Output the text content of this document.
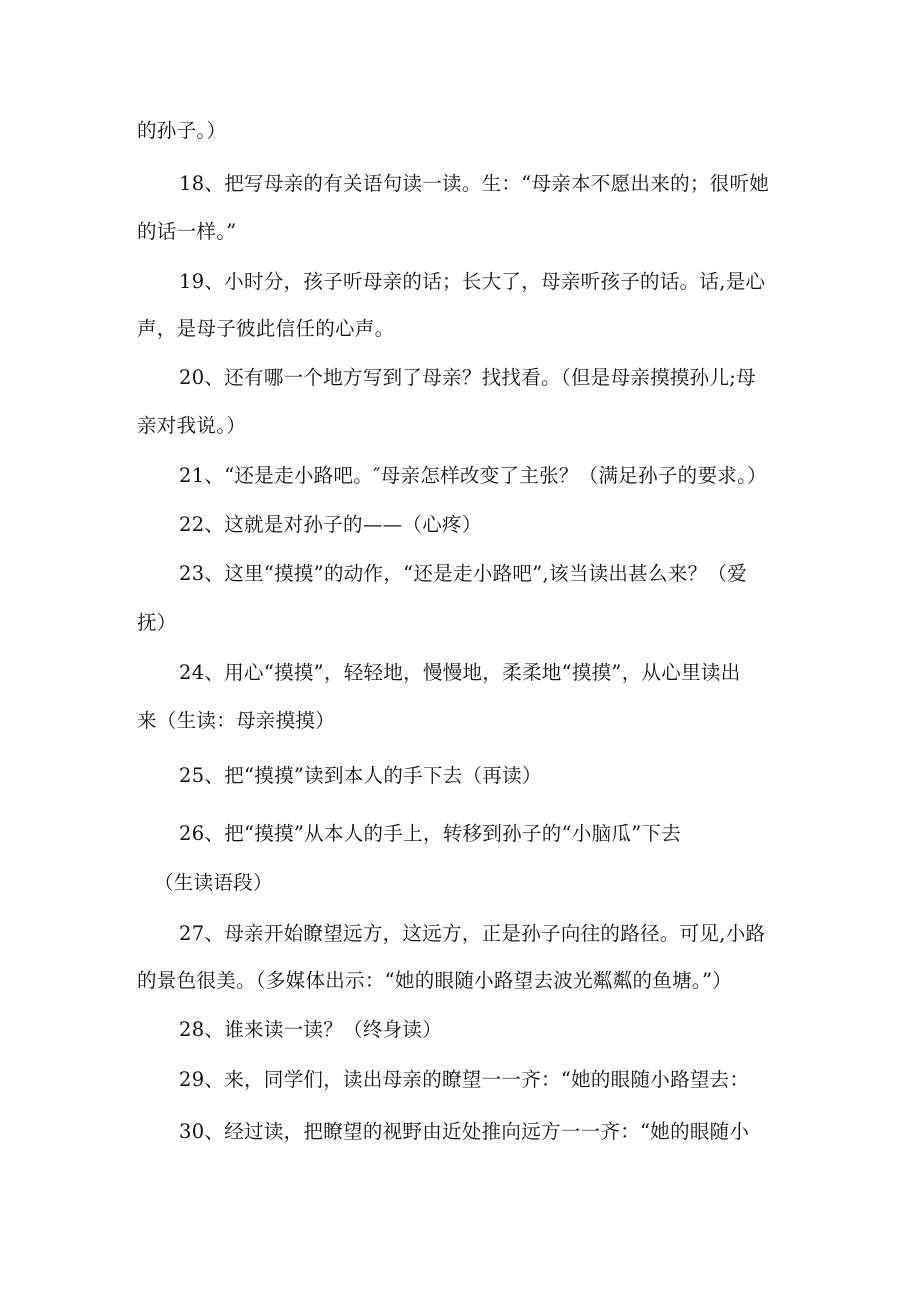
的孙子。）
18、把写母亲的有关语句读一读。生：“母亲本不愿出来的；很听她
的话一样。”
19、小时分，孩子听母亲的话；长大了，母亲听孩子的话。话,是心
声，是母子彼此信任的心声。
20、还有哪一个地方写到了母亲？找找看。（但是母亲摸摸孙儿;母
亲对我说。）
21、“还是走小路吧。″母亲怎样改变了主张？（满足孙子的要求。）
22、这就是对孙子的——（心疼）
23、这里“摸摸”的动作，“还是走小路吧”,该当读出甚么来？（爱
抚）
24、用心“摸摸”，轻轻地，慢慢地，柔柔地“摸摸”，从心里读出
来（生读：母亲摸摸）
25、把“摸摸”读到本人的手下去（再读）
26、把“摸摸”从本人的手上，转移到孙子的“小脑瓜”下去
（生读语段）
27、母亲开始瞭望远方，这远方，正是孙子向往的路径。可见,小路
的景色很美。（多媒体出示：“她的眼随小路望去波光粼粼的鱼塘。”）
28、谁来读一读？（终身读）
29、来，同学们，读出母亲的瞭望一一齐：“她的眼随小路望去：
30、经过读，把瞭望的视野由近处推向远方一一齐：“她的眼随小
